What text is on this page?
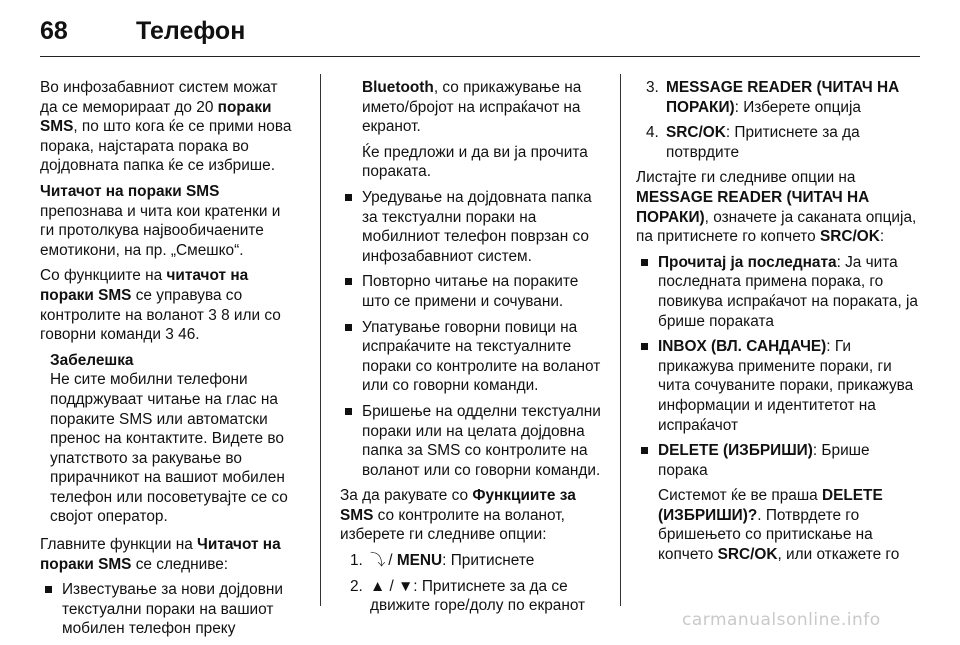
68	Телефон

Во инфозабавниот систем можат да се меморираат до 20 пораки SMS, по што кога ќе се прими нова порака, најстарата порака во дојдовната папка ќе се избрише.

Читачот на пораки SMS

препознава и чита кои кратенки и ги протолкува највообичаените емотикони, на пр. „Смешко“.

Со функциите на читачот на пораки SMS се управува со контролите на воланот 3 8 или со говорни команди 3 46.

Забелешка
Не сите мобилни телефони поддржуваат читање на глас на пораките SMS или автоматски пренос на контактите. Видете во упатството за ракување во прирачникот на вашиот мобилен телефон или посоветувајте се со својот оператор.

Главните функции на Читачот на пораки SMS се следниве:

Известување за нови дојдовни текстуални пораки на вашиот мобилен телефон преку

Bluetooth, со прикажување на името/бројот на испраќачот на екранот.

Ќе предложи и да ви ја прочита пораката.

Уредување на дојдовната папка за текстуални пораки на мобилниот телефон поврзан со инфозабавниот систем.
Повторно читање на пораките што се примени и сочувани.
Упатување говорни повици на испраќачите на текстуалните пораки со контролите на воланот или со говорни команди.
Бришење на одделни текстуални пораки или на целата дојдовна папка за SMS со контролите на воланот или со говорни команди.

За да ракувате со Функциите за SMS со контролите на воланот, изберете ги следниве опции:

1. ⤵ / MENU: Притиснете
2. ▲ / ▼: Притиснете за да се движите горе/долу по екранот
3. MESSAGE READER (ЧИТАЧ НА ПОРАКИ): Изберете опција
4. SRC/OK: Притиснете за да потврдите

Листајте ги следниве опции на MESSAGE READER (ЧИТАЧ НА ПОРАКИ), означете ја саканата опција, па притиснете го копчето SRC/OK:

Прочитај ја последната: Ја чита последната примена порака, го повикува испраќачот на пораката, ја брише пораката
INBOX (ВЛ. САНДАЧЕ): Ги прикажува примените пораки, ги чита сочуваните пораки, прикажува информации и идентитетот на испраќачот
DELETE (ИЗБРИШИ): Брише порака

Системот ќе ве праша DELETE (ИЗБРИШИ)?. Потврдете го бришењето со притискање на копчето SRC/OK, или откажете го

carmanualsonline.info
